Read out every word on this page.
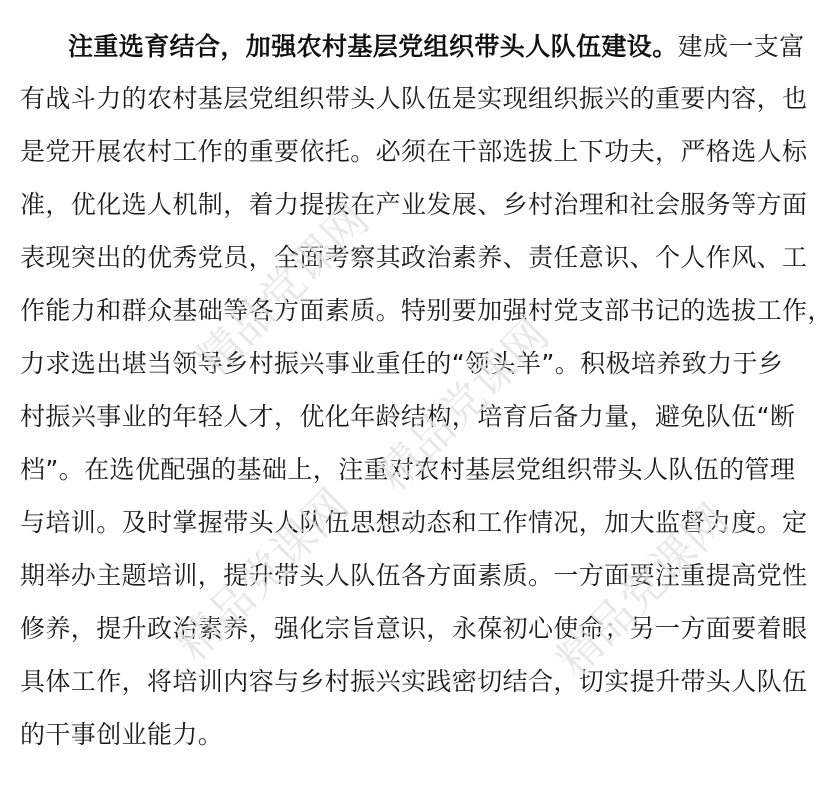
注重选育结合，加强农村基层党组织带头人队伍建设。建成一支富
有战斗力的农村基层党组织带头人队伍是实现组织振兴的重要内容，也
是党开展农村工作的重要依托。必须在干部选拔上下功夫，严格选人标
准，优化选人机制，着力提拔在产业发展、乡村治理和社会服务等方面
表现突出的优秀党员，全面考察其政治素养、责任意识、个人作风、工
作能力和群众基础等各方面素质。特别要加强村党支部书记的选拔工作，
力求选出堪当领导乡村振兴事业重任的“领头羊”。积极培养致力于乡
村振兴事业的年轻人才，优化年龄结构，培育后备力量，避免队伍“断
档”。在选优配强的基础上，注重对农村基层党组织带头人队伍的管理
与培训。及时掌握带头人队伍思想动态和工作情况，加大监督力度。定
期举办主题培训，提升带头人队伍各方面素质。一方面要注重提高党性
修养，提升政治素养，强化宗旨意识，永葆初心使命；另一方面要着眼
具体工作，将培训内容与乡村振兴实践密切结合，切实提升带头人队伍
的干事创业能力。
精品党课网
精品党课网
精品党课网	精品党课网
